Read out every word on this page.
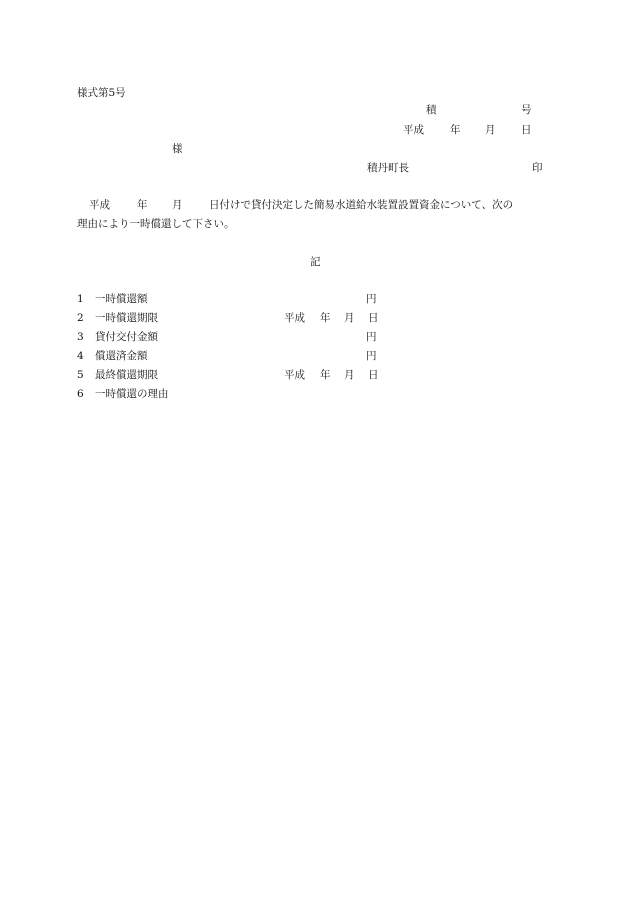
様式第5号
積	号
平成 年 月 日
様
積丹町長	印
平成	年 月	日付けで貸付決定した簡易水道給水装置設置資金について、次の
理由により一時償還して下さい。
記
1 一時償還額	円
2 一時償還期限	平成 年 月 日
3 貸付交付金額	円
4 償還済金額	円
5 最終償還期限	平成 年 月 日
6 一時償還の理由
